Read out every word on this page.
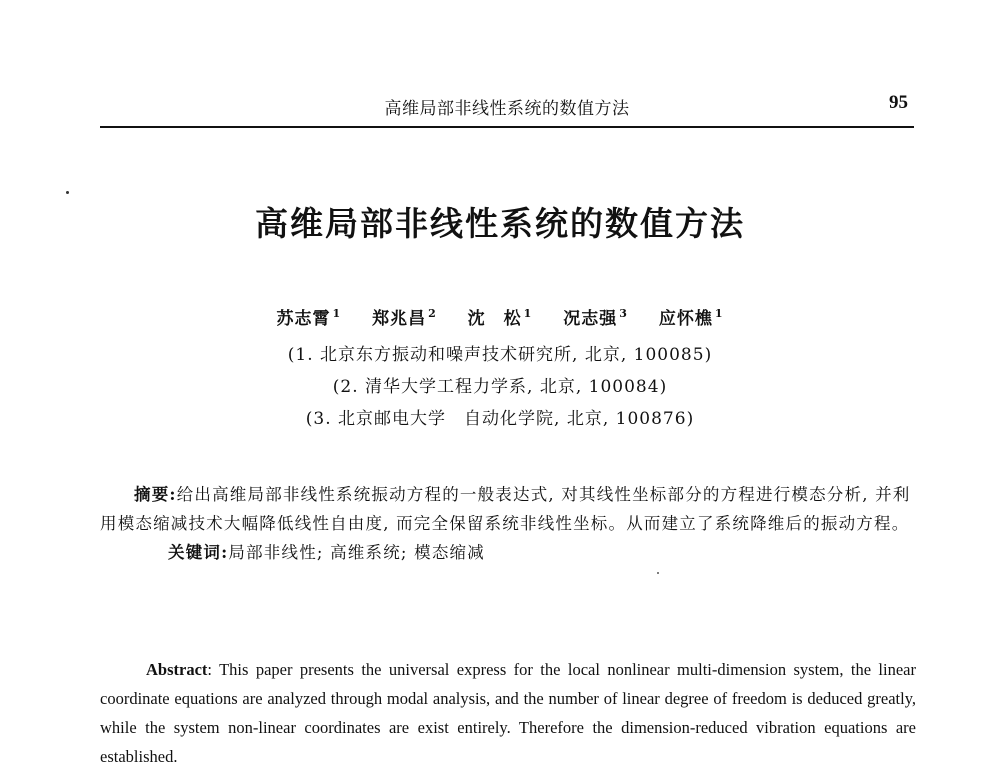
高维局部非线性系统的数值方法	95
高维局部非线性系统的数值方法
苏志霄 $^1$ 郑兆昌 $^2$ 沈　松 $^1$ 况志强 $^3$ 应怀樵 $^1$
(1. 北京东方振动和噪声技术研究所, 北京, 100085)
(2. 清华大学工程力学系, 北京, 100084)
(3. 北京邮电大学　自动化学院, 北京, 100876)

摘要:给出高维局部非线性系统振动方程的一般表达式, 对其线性坐标部分的方程进行模态分析, 并利用模态缩减技术大幅降低线性自由度, 而完全保留系统非线性坐标。从而建立了系统降维后的振动方程。

关键词:局部非线性; 高维系统; 模态缩减

Abstract: This paper presents the universal express for the local nonlinear multi-dimension system, the linear coordinate equations are analyzed through modal analysis, and the number of linear degree of freedom is deduced greatly, while the system non-linear coordinates are exist entirely. Therefore the dimension-reduced vibration equations are established.
